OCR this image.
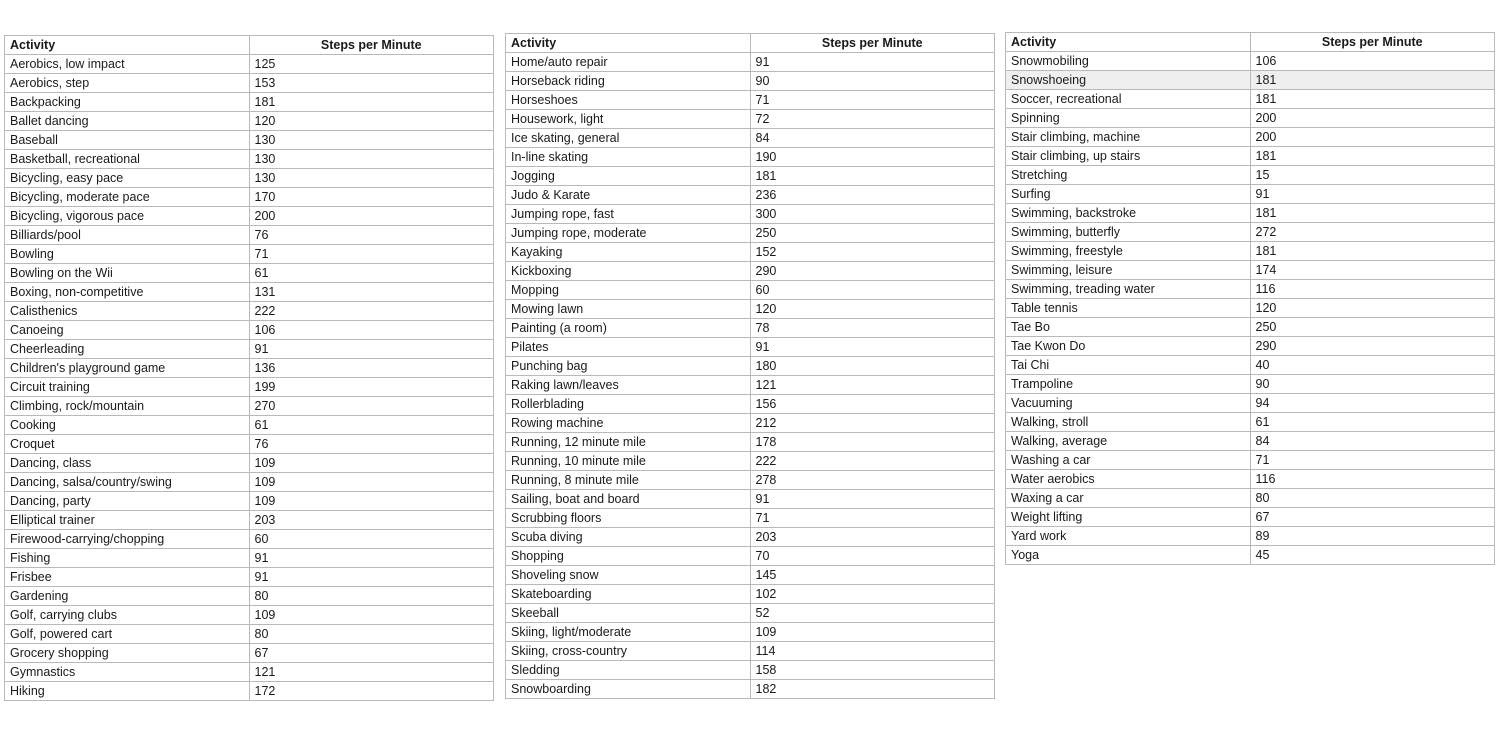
Activity	Steps per Minute
Aerobics, low impact	125
Aerobics, step	153
Backpacking	181
Ballet dancing	120
Baseball	130
Basketball, recreational	130
Bicycling, easy pace	130
Bicycling, moderate pace	170
Bicycling, vigorous pace	200
Billiards/pool	76
Bowling	71
Bowling on the Wii	61
Boxing, non-competitive	131
Calisthenics	222
Canoeing	106
Cheerleading	91
Children's playground game	136
Circuit training	199
Climbing, rock/mountain	270
Cooking	61
Croquet	76
Dancing, class	109
Dancing, salsa/country/swing	109
Dancing, party	109
Elliptical trainer	203
Firewood-carrying/chopping	60
Fishing	91
Frisbee	91
Gardening	80
Golf, carrying clubs	109
Golf, powered cart	80
Grocery shopping	67
Gymnastics	121
Hiking	172
Activity	Steps per Minute
Home/auto repair	91
Horseback riding	90
Horseshoes	71
Housework, light	72
Ice skating, general	84
In-line skating	190
Jogging	181
Judo & Karate	236
Jumping rope, fast	300
Jumping rope, moderate	250
Kayaking	152
Kickboxing	290
Mopping	60
Mowing lawn	120
Painting (a room)	78
Pilates	91
Punching bag	180
Raking lawn/leaves	121
Rollerblading	156
Rowing machine	212
Running, 12 minute mile	178
Running, 10 minute mile	222
Running, 8 minute mile	278
Sailing, boat and board	91
Scrubbing floors	71
Scuba diving	203
Shopping	70
Shoveling snow	145
Skateboarding	102
Skeeball	52
Skiing, light/moderate	109
Skiing, cross-country	114
Sledding	158
Snowboarding	182
Activity	Steps per Minute
Snowmobiling	106
Snowshoeing	181
Soccer, recreational	181
Spinning	200
Stair climbing, machine	200
Stair climbing, up stairs	181
Stretching	15
Surfing	91
Swimming, backstroke	181
Swimming, butterfly	272
Swimming, freestyle	181
Swimming, leisure	174
Swimming, treading water	116
Table tennis	120
Tae Bo	250
Tae Kwon Do	290
Tai Chi	40
Trampoline	90
Vacuuming	94
Walking, stroll	61
Walking, average	84
Washing a car	71
Water aerobics	116
Waxing a car	80
Weight lifting	67
Yard work	89
Yoga	45
